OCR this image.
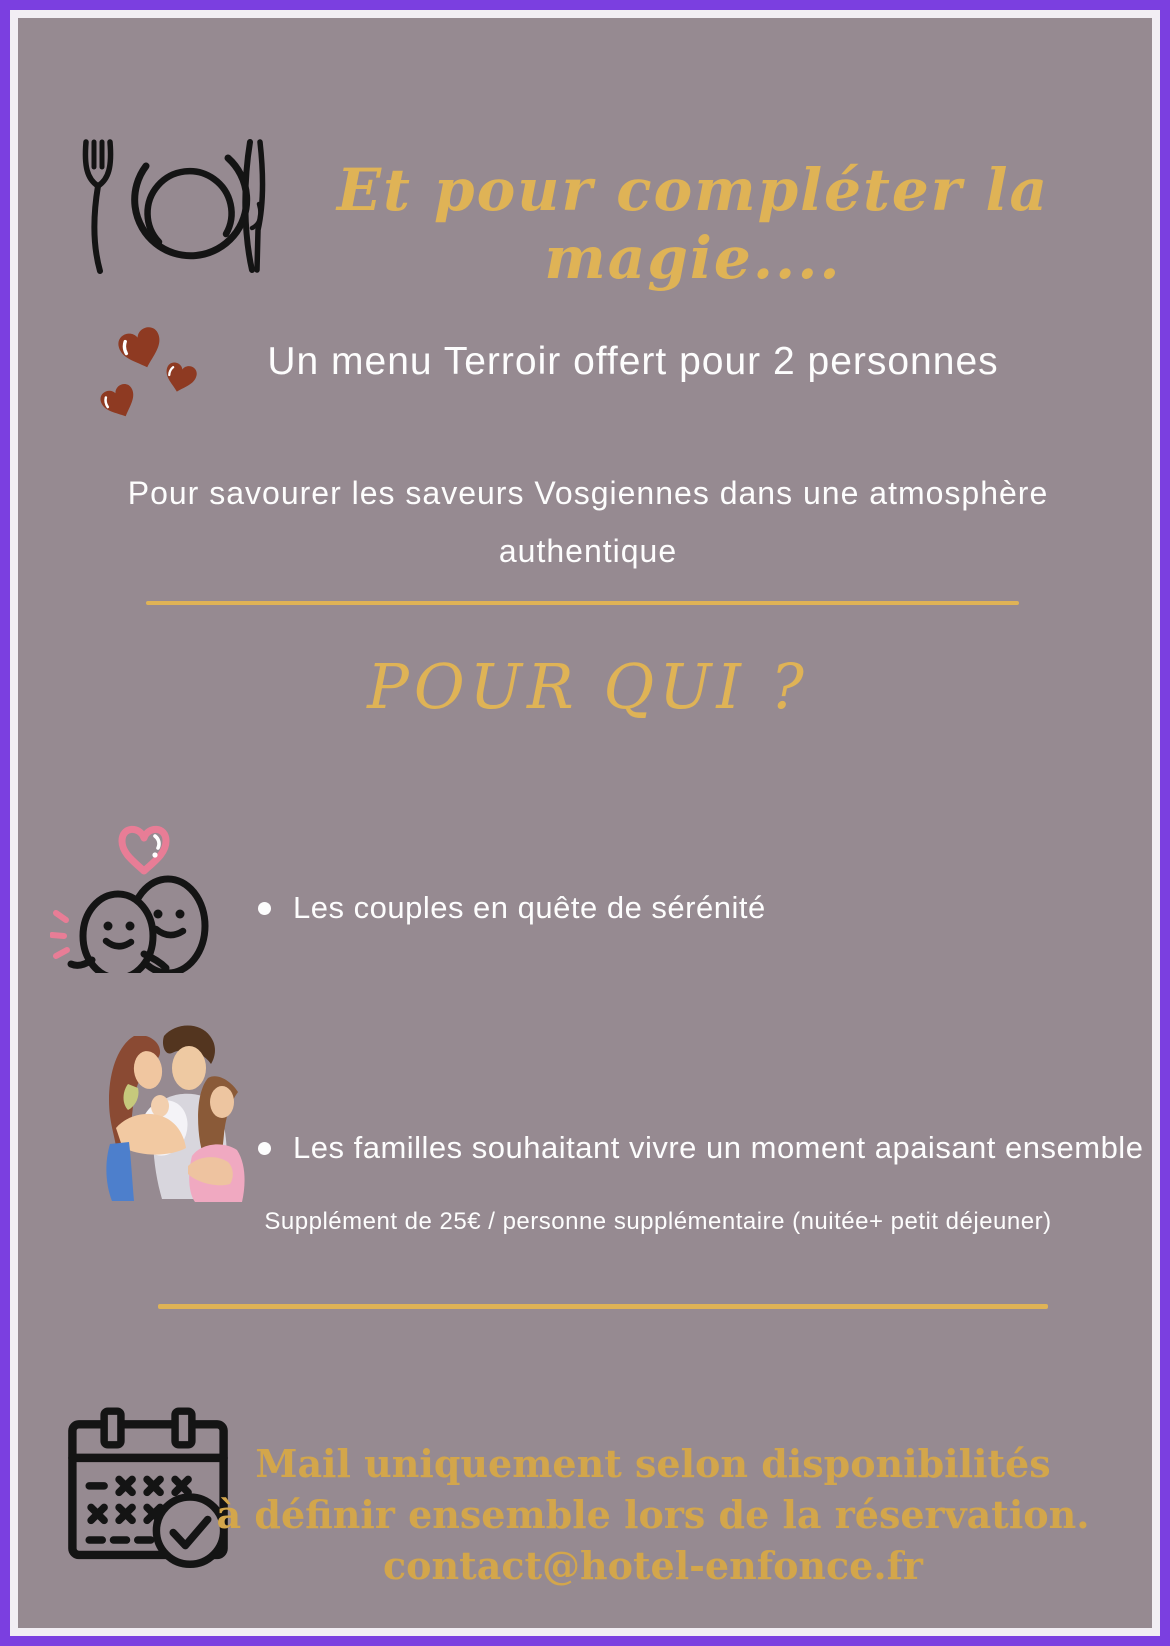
Et pour compléter la magie....
Un menu Terroir offert pour 2 personnes
Pour savourer les saveurs Vosgiennes dans une atmosphère
authentique
POUR QUI ?
Les couples en quête de sérénité
Les familles souhaitant vivre un moment apaisant ensemble
Supplément de 25€ / personne supplémentaire (nuitée+ petit déjeuner)
Mail uniquement selon disponibilités
à définir ensemble lors de la réservation.
contact@hotel-enfonce.fr
